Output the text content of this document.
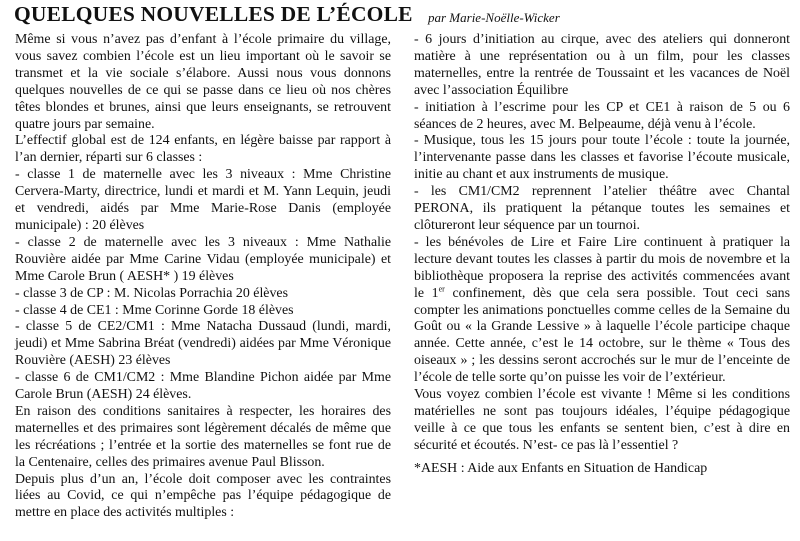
QUELQUES NOUVELLES DE L’ÉCOLE par Marie-Noëlle-Wicker

Même si vous n’avez pas d’enfant à l’école primaire du village, vous savez combien l’école est un lieu important où le savoir se transmet et la vie sociale s’élabore. Aussi nous vous donnons quelques nouvelles de ce qui se passe dans ce lieu où nos chères têtes blondes et brunes, ainsi que leurs enseignants, se retrouvent quatre jours par semaine.

L’effectif global est de 124 enfants, en légère baisse par rapport à l’an dernier, réparti sur 6 classes :

- classe 1 de maternelle avec les 3 niveaux : Mme Christine Cervera-Marty, directrice, lundi et mardi et M. Yann Lequin, jeudi et vendredi, aidés par Mme Marie-Rose Danis (employée municipale) : 20 élèves

- classe 2 de maternelle avec les 3 niveaux : Mme Nathalie Rouvière aidée par Mme Carine Vidau (employée municipale) et Mme Carole Brun ( AESH* ) 19 élèves

- classe 3 de CP : M. Nicolas Porrachia 20 élèves

- classe 4 de CE1 : Mme Corinne Gorde 18 élèves

- classe 5 de CE2/CM1 : Mme Natacha Dussaud (lundi, mardi, jeudi) et Mme Sabrina Bréat (vendredi) aidées par Mme Véronique Rouvière (AESH) 23 élèves

- classe 6 de CM1/CM2 : Mme Blandine Pichon aidée par Mme Carole Brun (AESH) 24 élèves.

En raison des conditions sanitaires à respecter, les horaires des maternelles et des primaires sont légèrement décalés de même que les récréations ; l’entrée et la sortie des maternelles se font rue de la Centenaire, celles des primaires avenue Paul Blisson.

Depuis plus d’un an, l’école doit composer avec les contraintes liées au Covid, ce qui n’empêche pas l’équipe pédagogique de mettre en place des activités multiples :

- 6 jours d’initiation au cirque, avec des ateliers qui donneront matière à une représentation ou à un film, pour les classes maternelles, entre la rentrée de Toussaint et les vacances de Noël avec l’association Équilibre

- initiation à l’escrime pour les CP et CE1 à raison de 5 ou 6 séances de 2 heures, avec M. Belpeaume, déjà venu à l’école.

- Musique, tous les 15 jours pour toute l’école : toute la journée, l’intervenante passe dans les classes et favorise l’écoute musicale, initie au chant et aux instruments de musique.

- les CM1/CM2 reprennent l’atelier théâtre avec Chantal PERONA, ils pratiquent la pétanque toutes les semaines et clôtureront leur séquence par un tournoi.

- les bénévoles de Lire et Faire Lire continuent à pratiquer la lecture devant toutes les classes à partir du mois de novembre et la bibliothèque proposera la reprise des activités commencées avant le 1er confinement, dès que cela sera possible. Tout ceci sans compter les animations ponctuelles comme celles de la Semaine du Goût ou « la Grande Lessive » à laquelle l’école participe chaque année. Cette année, c’est le 14 octobre, sur le thème « Tous des oiseaux » ; les dessins seront accrochés sur le mur de l’enceinte de l’école de telle sorte qu’on puisse les voir de l’extérieur.

Vous voyez combien l’école est vivante ! Même si les conditions matérielles ne sont pas toujours idéales, l’équipe pédagogique veille à ce que tous les enfants se sentent bien, c’est à dire en sécurité et écoutés. N’est- ce pas là l’essentiel ?

*AESH : Aide aux Enfants en Situation de Handicap
